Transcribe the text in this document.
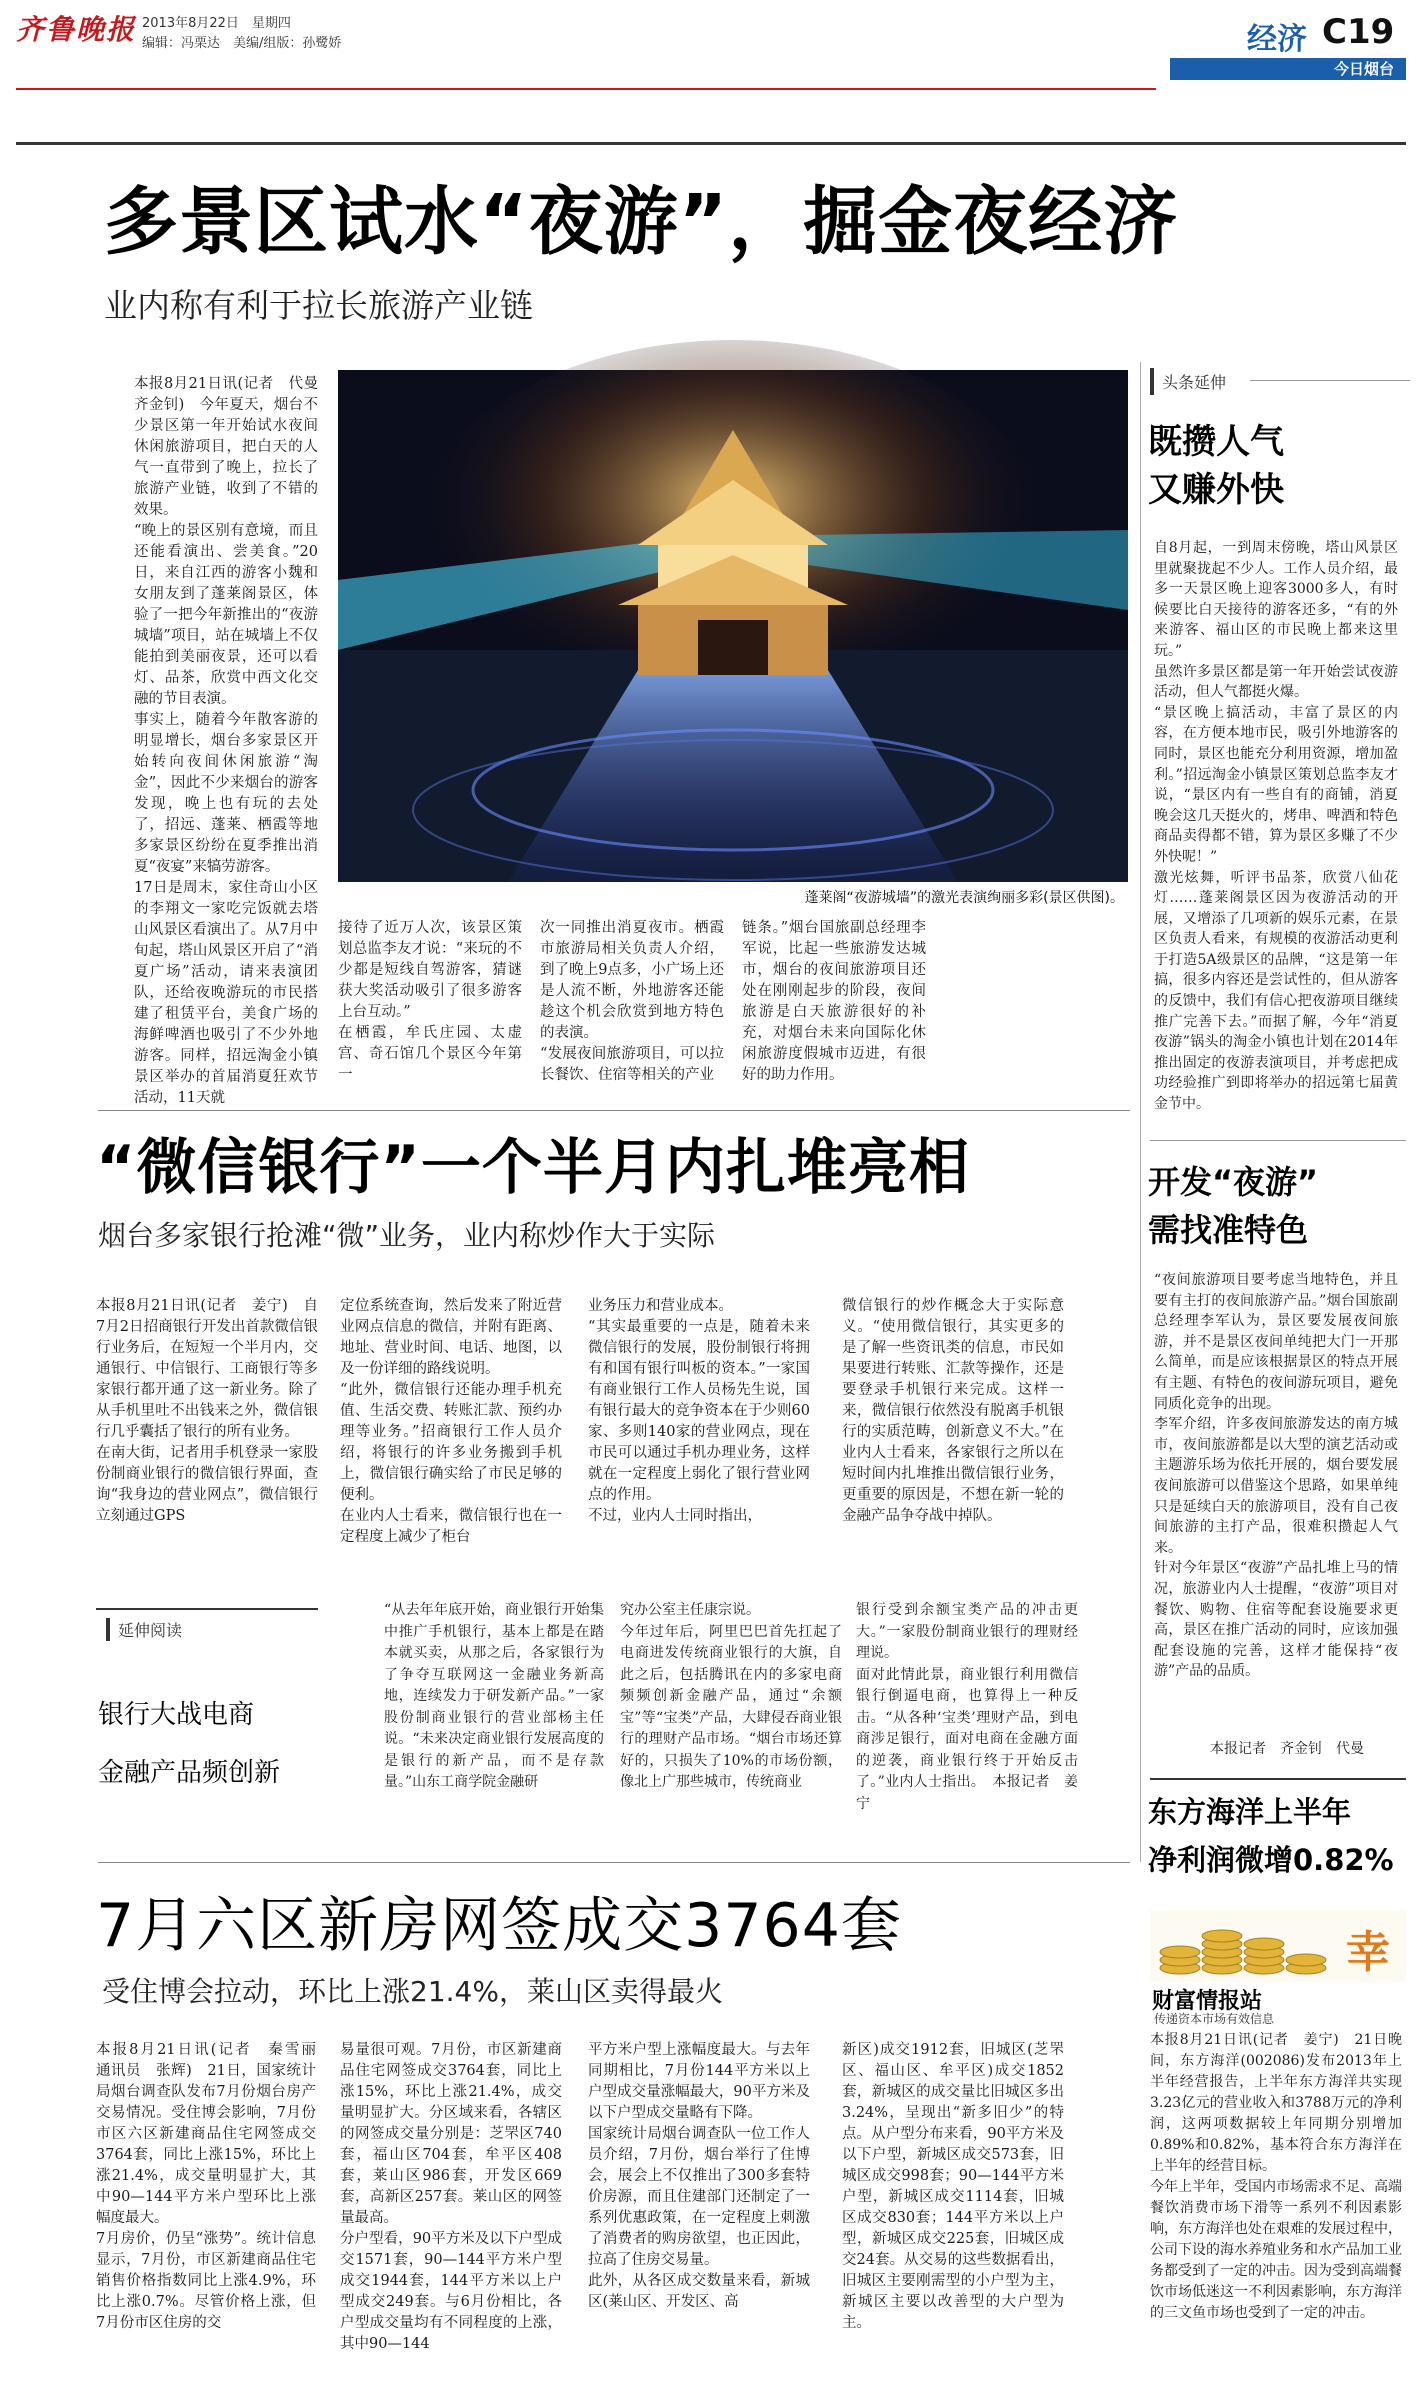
齐鲁晚报 2013年8月22日　星期四
编辑：冯栗达　美编/组版：孙鹭娇	经济 C19
今日烟台
多景区试水“夜游”，掘金夜经济
业内称有利于拉长旅游产业链
本报8月21日讯(记者　代曼　齐金钊)　今年夏天，烟台不少景区第一年开始试水夜间休闲旅游项目，把白天的人气一直带到了晚上，拉长了旅游产业链，收到了不错的效果。
“晚上的景区别有意境，而且还能看演出、尝美食。”20日，来自江西的游客小魏和女朋友到了蓬莱阁景区，体验了一把今年新推出的“夜游城墙”项目，站在城墙上不仅能拍到美丽夜景，还可以看灯、品茶，欣赏中西文化交融的节目表演。
事实上，随着今年散客游的明显增长，烟台多家景区开始转向夜间休闲旅游“淘金”，因此不少来烟台的游客发现，晚上也有玩的去处了，招远、蓬莱、栖霞等地多家景区纷纷在夏季推出消夏“夜宴”来犒劳游客。
17日是周末，家住奇山小区的李翔文一家吃完饭就去塔山风景区看演出了。从7月中旬起，塔山风景区开启了“消夏广场”活动，请来表演团队，还给夜晚游玩的市民搭建了租赁平台，美食广场的海鲜啤酒也吸引了不少外地游客。同样，招远淘金小镇景区举办的首届消夏狂欢节活动，11天就
蓬莱阁“夜游城墙”的激光表演绚丽多彩(景区供图)。
接待了近万人次，该景区策划总监李友才说：“来玩的不少都是短线自驾游客，猜谜获大奖活动吸引了很多游客上台互动。”
在栖霞，牟氏庄园、太虚宫、奇石馆几个景区今年第一
次一同推出消夏夜市。栖霞市旅游局相关负责人介绍，到了晚上9点多，小广场上还是人流不断，外地游客还能趁这个机会欣赏到地方特色的表演。
“发展夜间旅游项目，可以拉长餐饮、住宿等相关的产业
链条。”烟台国旅副总经理李军说，比起一些旅游发达城市，烟台的夜间旅游项目还处在刚刚起步的阶段，夜间旅游是白天旅游很好的补充，对烟台未来向国际化休闲旅游度假城市迈进，有很好的助力作用。
头条延伸
既攒人气
又赚外快
自8月起，一到周末傍晚，塔山风景区里就聚拢起不少人。工作人员介绍，最多一天景区晚上迎客3000多人，有时候要比白天接待的游客还多，“有的外来游客、福山区的市民晚上都来这里玩。”
虽然许多景区都是第一年开始尝试夜游活动，但人气都挺火爆。
“景区晚上搞活动，丰富了景区的内容，在方便本地市民，吸引外地游客的同时，景区也能充分利用资源，增加盈利。”招远淘金小镇景区策划总监李友才说，“景区内有一些自有的商铺，消夏晚会这几天挺火的，烤串、啤酒和特色商品卖得都不错，算为景区多赚了不少外快呢！”
激光炫舞，听评书品茶，欣赏八仙花灯……蓬莱阁景区因为夜游活动的开展，又增添了几项新的娱乐元素，在景区负责人看来，有规模的夜游活动更利于打造5A级景区的品牌，“这是第一年搞，很多内容还是尝试性的，但从游客的反馈中，我们有信心把夜游项目继续推广完善下去。”而据了解，今年“消夏夜游”锅头的淘金小镇也计划在2014年推出固定的夜游表演项目，并考虑把成功经验推广到即将举办的招远第七届黄金节中。
“微信银行”一个半月内扎堆亮相
烟台多家银行抢滩“微”业务，业内称炒作大于实际
本报8月21日讯(记者　姜宁)　自7月2日招商银行开发出首款微信银行业务后，在短短一个半月内，交通银行、中信银行、工商银行等多家银行都开通了这一新业务。除了从手机里吐不出钱来之外，微信银行几乎囊括了银行的所有业务。
在南大街，记者用手机登录一家股份制商业银行的微信银行界面，查询“我身边的营业网点”，微信银行立刻通过GPS
定位系统查询，然后发来了附近营业网点信息的微信，并附有距离、地址、营业时间、电话、地图，以及一份详细的路线说明。
“此外，微信银行还能办理手机充值、生活交费、转账汇款、预约办理等业务。”招商银行工作人员介绍，将银行的许多业务搬到手机上，微信银行确实给了市民足够的便利。
在业内人士看来，微信银行也在一定程度上减少了柜台
业务压力和营业成本。
“其实最重要的一点是，随着未来微信银行的发展，股份制银行将拥有和国有银行叫板的资本。”一家国有商业银行工作人员杨先生说，国有银行最大的竞争资本在于少则60家、多则140家的营业网点，现在市民可以通过手机办理业务，这样就在一定程度上弱化了银行营业网点的作用。
不过，业内人士同时指出，
微信银行的炒作概念大于实际意义。“使用微信银行，其实更多的是了解一些资讯类的信息，市民如果要进行转账、汇款等操作，还是要登录手机银行来完成。这样一来，微信银行依然没有脱离手机银行的实质范畴，创新意义不大。”在业内人士看来，各家银行之所以在短时间内扎堆推出微信银行业务，更重要的原因是，不想在新一轮的金融产品争夺战中掉队。
延伸阅读
银行大战电商
金融产品频创新
“从去年年底开始，商业银行开始集中推广手机银行，基本上都是在踏本就买卖，从那之后，各家银行为了争夺互联网这一金融业务新高地，连续发力于研发新产品。”一家股份制商业银行的营业部杨主任说。“未来决定商业银行发展高度的是银行的新产品，而不是存款量。”山东工商学院金融研
究办公室主任康宗说。
今年过年后，阿里巴巴首先扛起了电商进发传统商业银行的大旗，自此之后，包括腾讯在内的多家电商频频创新金融产品，通过“余额宝”等“宝类”产品，大肆侵吞商业银行的理财产品市场。“烟台市场还算好的，只损失了10%的市场份额，像北上广那些城市，传统商业
银行受到余额宝类产品的冲击更大。”一家股份制商业银行的理财经理说。
面对此情此景，商业银行利用微信银行倒逼电商，也算得上一种反击。“从各种‘宝类’理财产品，到电商涉足银行，面对电商在金融方面的逆袭，商业银行终于开始反击了。”业内人士指出。　本报记者　姜宁
开发“夜游”
需找准特色
“夜间旅游项目要考虑当地特色，并且要有主打的夜间旅游产品。”烟台国旅副总经理李军认为，景区要发展夜间旅游，并不是景区夜间单纯把大门一开那么简单，而是应该根据景区的特点开展有主题、有特色的夜间游玩项目，避免同质化竞争的出现。
李军介绍，许多夜间旅游发达的南方城市，夜间旅游都是以大型的演艺活动或主题游乐场为依托开展的，烟台要发展夜间旅游可以借鉴这个思路，如果单纯只是延续白天的旅游项目，没有自己夜间旅游的主打产品，很难积攒起人气来。
针对今年景区“夜游”产品扎堆上马的情况，旅游业内人士提醒，“夜游”项目对餐饮、购物、住宿等配套设施要求更高，景区在推广活动的同时，应该加强配套设施的完善，这样才能保持“夜游”产品的品质。
本报记者　齐金钊　代曼
东方海洋上半年
净利润微增0.82%
幸
财富情报站
传递资本市场有效信息
本报8月21日讯(记者　姜宁)　21日晚间，东方海洋(002086)发布2013年上半年经营报告，上半年东方海洋共实现3.23亿元的营业收入和3788万元的净利润，这两项数据较上年同期分别增加0.89%和0.82%，基本符合东方海洋在上半年的经营目标。
今年上半年，受国内市场需求不足、高端餐饮消费市场下滑等一系列不利因素影响，东方海洋也处在艰难的发展过程中，公司下设的海水养殖业务和水产品加工业务都受到了一定的冲击。因为受到高端餐饮市场低迷这一不利因素影响，东方海洋的三文鱼市场也受到了一定的冲击。
7月六区新房网签成交3764套
受住博会拉动，环比上涨21.4%，莱山区卖得最火
本报8月21日讯(记者　秦雪丽　通讯员　张辉)　21日，国家统计局烟台调查队发布7月份烟台房产交易情况。受住博会影响，7月份市区六区新建商品住宅网签成交3764套，同比上涨15%，环比上涨21.4%，成交量明显扩大，其中90—144平方米户型环比上涨幅度最大。
7月房价，仍呈“涨势”。统计信息显示，7月份，市区新建商品住宅销售价格指数同比上涨4.9%，环比上涨0.7%。尽管价格上涨，但7月份市区住房的交
易量很可观。7月份，市区新建商品住宅网签成交3764套，同比上涨15%，环比上涨21.4%，成交量明显扩大。分区域来看，各辖区的网签成交量分别是：芝罘区740套，福山区704套，牟平区408套，莱山区986套，开发区669套，高新区257套。莱山区的网签量最高。
分户型看，90平方米及以下户型成交1571套，90—144平方米户型成交1944套，144平方米以上户型成交249套。与6月份相比，各户型成交量均有不同程度的上涨，其中90—144
平方米户型上涨幅度最大。与去年同期相比，7月份144平方米以上户型成交量涨幅最大，90平方米及以下户型成交量略有下降。
国家统计局烟台调查队一位工作人员介绍，7月份，烟台举行了住博会，展会上不仅推出了300多套特价房源，而且住建部门还制定了一系列优惠政策，在一定程度上刺激了消费者的购房欲望，也正因此，拉高了住房交易量。
此外，从各区成交数量来看，新城区(莱山区、开发区、高
新区)成交1912套，旧城区(芝罘区、福山区、牟平区)成交1852套，新城区的成交量比旧城区多出3.24%，呈现出“新多旧少”的特点。从户型分布来看，90平方米及以下户型，新城区成交573套，旧城区成交998套；90—144平方米户型，新城区成交1114套，旧城区成交830套；144平方米以上户型，新城区成交225套，旧城区成交24套。从交易的这些数据看出，旧城区主要刚需型的小户型为主，新城区主要以改善型的大户型为主。
